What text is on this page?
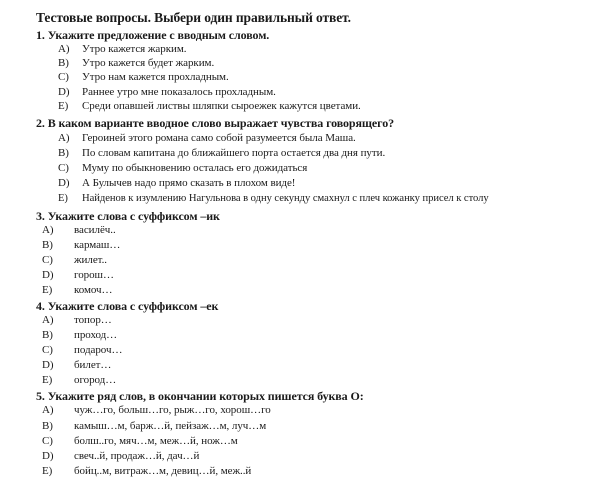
Тестовые вопросы. Выбери один правильный ответ.
1. Укажите предложение с вводным словом.
A) Утро кажется жарким.
B) Утро кажется будет жарким.
C) Утро нам кажется прохладным.
D) Раннее утро мне показалось прохладным.
E) Среди опавшей листвы шляпки сыроежек кажутся цветами.
2. В каком варианте вводное слово выражает чувства говорящего?
A) Героиней этого романа само собой разумеется была Маша.
B) По словам капитана до ближайшего порта остается два дня пути.
C) Муму по обыкновению осталась его дожидаться
D) А Булычев надо прямо сказать в плохом виде!
E) Найденов к изумлению Нагульнова в одну секунду смахнул с плеч кожанку присел к столу
3. Укажите слова с суффиксом –ик
A) василёч..
B) кармаш…
C) жилет..
D) горош…
E) комоч…
4. Укажите слова с суффиксом –ек
A) топор…
B) проход…
C) подароч…
D) билет…
E) огород…
5. Укажите ряд слов, в окончании которых пишется буква О:
A) чуж…го, больш…го, рыж…го, хорош…го
B) камыш…м, барж…й, пейзаж…м, луч…м
C) болш..го, мяч…м, меж…й, нож…м
D) свеч..й, продаж…й, дач…й
E) бойц..м, витраж…м, девиц…й, меж..й
